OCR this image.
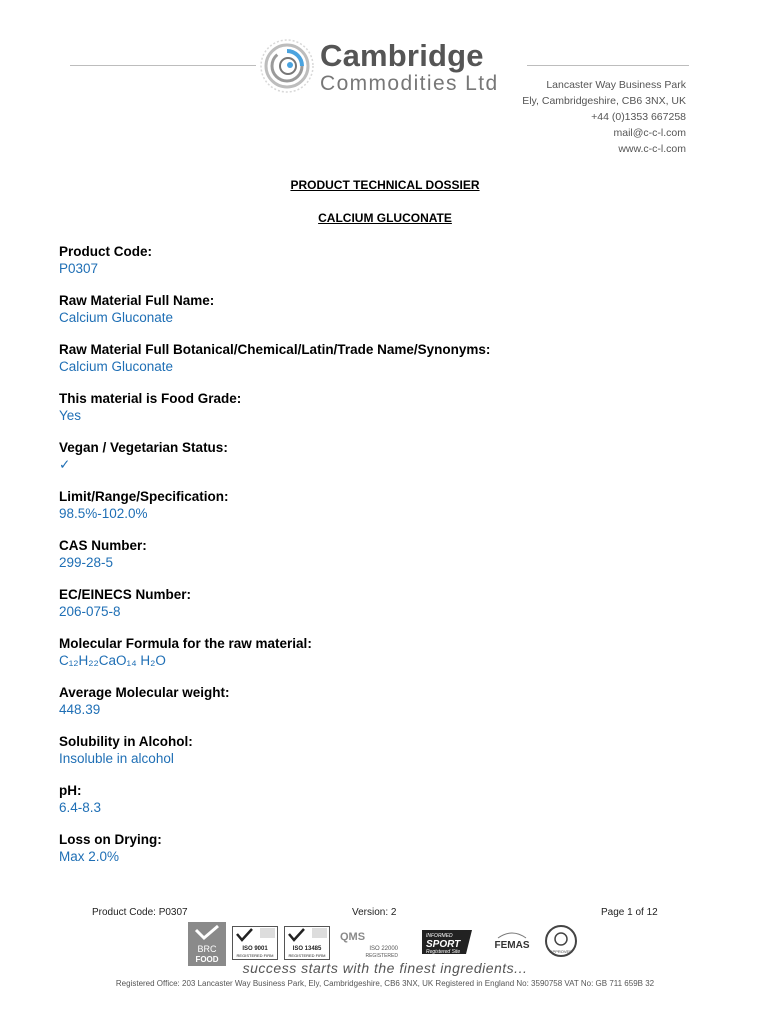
Cambridge
Commodities Ltd	Lancaster Way Business Park
Ely, Cambridgeshire, CB6 3NX, UK
+44 (0)1353 667258
mail@c-c-l.com
www.c-c-l.com
PRODUCT TECHNICAL DOSSIER
CALCIUM GLUCONATE
Product Code:
P0307
Raw Material Full Name:
Calcium Gluconate
Raw Material Full Botanical/Chemical/Latin/Trade Name/Synonyms:
Calcium Gluconate
This material is Food Grade:
Yes
Vegan / Vegetarian Status:
✓
Limit/Range/Specification:
98.5%-102.0%
CAS Number:
299-28-5
EC/EINECS Number:
206-075-8
Molecular Formula for the raw material:
C₁₂H₂₂CaO₁₄ H₂O
Average Molecular weight:
448.39
Solubility in Alcohol:
Insoluble in alcohol
pH:
6.4-8.3
Loss on Drying:
Max 2.0%
Product Code: P0307	Version: 2	Page 1 of 12
BRC
FOOD
ISO 9001
REGISTERED FIRM
ISO 13485
REGISTERED FIRM
QMS
ISO 22000
REGISTERED
INFORMED
SPORT
Registered Site
FEMAS
APPROVED
success starts with the finest ingredients...
Registered Office: 203 Lancaster Way Business Park, Ely, Cambridgeshire, CB6 3NX, UK Registered in England No: 3590758 VAT No: GB 711 659B 32
